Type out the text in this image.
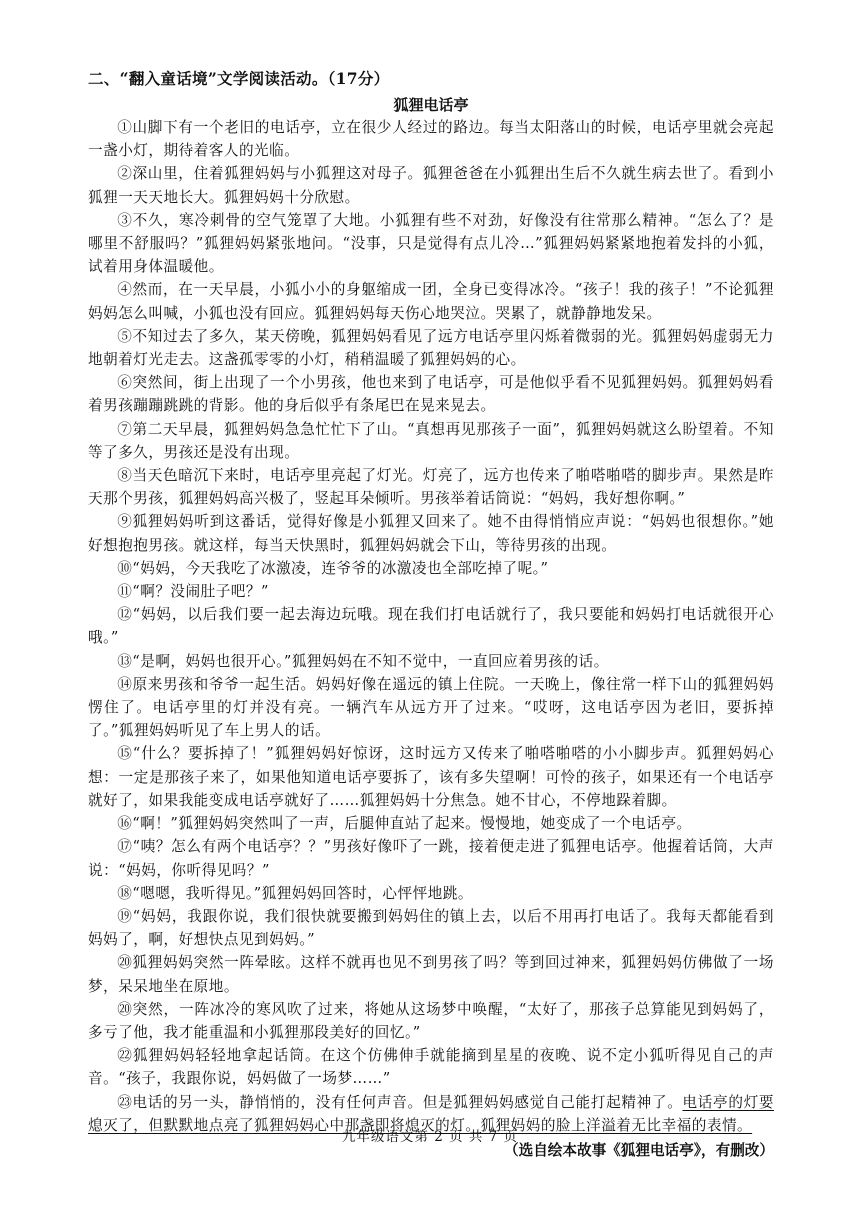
二、“翻入童话境”文学阅读活动。（17分）
狐狸电话亭

①山脚下有一个老旧的电话亭，立在很少人经过的路边。每当太阳落山的时候，电话亭里就会亮起一盏小灯，期待着客人的光临。

②深山里，住着狐狸妈妈与小狐狸这对母子。狐狸爸爸在小狐狸出生后不久就生病去世了。看到小狐狸一天天地长大。狐狸妈妈十分欣慰。

③不久，寒冷刺骨的空气笼罩了大地。小狐狸有些不对劲，好像没有往常那么精神。“怎么了？是哪里不舒服吗？”狐狸妈妈紧张地问。“没事，只是觉得有点儿冷…”狐狸妈妈紧紧地抱着发抖的小狐，试着用身体温暖他。

④然而，在一天早晨，小狐小小的身躯缩成一团，全身已变得冰冷。“孩子！我的孩子！”不论狐狸妈妈怎么叫喊，小狐也没有回应。狐狸妈妈每天伤心地哭泣。哭累了，就静静地发呆。

⑤不知过去了多久，某天傍晚，狐狸妈妈看见了远方电话亭里闪烁着微弱的光。狐狸妈妈虚弱无力地朝着灯光走去。这盏孤零零的小灯，稍稍温暖了狐狸妈妈的心。

⑥突然间，街上出现了一个小男孩，他也来到了电话亭，可是他似乎看不见狐狸妈妈。狐狸妈妈看着男孩蹦蹦跳跳的背影。他的身后似乎有条尾巴在晃来晃去。

⑦第二天早晨，狐狸妈妈急急忙忙下了山。“真想再见那孩子一面”，狐狸妈妈就这么盼望着。不知等了多久，男孩还是没有出现。

⑧当天色暗沉下来时，电话亭里亮起了灯光。灯亮了，远方也传来了啪嗒啪嗒的脚步声。果然是昨天那个男孩，狐狸妈妈高兴极了，竖起耳朵倾听。男孩举着话筒说：“妈妈，我好想你啊。”

⑨狐狸妈妈听到这番话，觉得好像是小狐狸又回来了。她不由得悄悄应声说：“妈妈也很想你。”她好想抱抱男孩。就这样，每当天快黑时，狐狸妈妈就会下山，等待男孩的出现。

⑩“妈妈，今天我吃了冰激凌，连爷爷的冰激凌也全部吃掉了呢。”

⑪“啊？没闹肚子吧？”

⑫“妈妈，以后我们要一起去海边玩哦。现在我们打电话就行了，我只要能和妈妈打电话就很开心哦。”

⑬“是啊，妈妈也很开心。”狐狸妈妈在不知不觉中，一直回应着男孩的话。

⑭原来男孩和爷爷一起生活。妈妈好像在遥远的镇上住院。一天晚上，像往常一样下山的狐狸妈妈愣住了。电话亭里的灯并没有亮。一辆汽车从远方开了过来。“哎呀，这电话亭因为老旧，要拆掉了。”狐狸妈妈听见了车上男人的话。

⑮“什么？要拆掉了！”狐狸妈妈好惊讶，这时远方又传来了啪嗒啪嗒的小小脚步声。狐狸妈妈心想：一定是那孩子来了，如果他知道电话亭要拆了，该有多失望啊！可怜的孩子，如果还有一个电话亭就好了，如果我能变成电话亭就好了……狐狸妈妈十分焦急。她不甘心，不停地跺着脚。

⑯“啊！”狐狸妈妈突然叫了一声，后腿伸直站了起来。慢慢地，她变成了一个电话亭。

⑰“咦？怎么有两个电话亭？？”男孩好像吓了一跳，接着便走进了狐狸电话亭。他握着话筒，大声说：“妈妈，你听得见吗？”

⑱“嗯嗯，我听得见。”狐狸妈妈回答时，心怦怦地跳。

⑲“妈妈，我跟你说，我们很快就要搬到妈妈住的镇上去，以后不用再打电话了。我每天都能看到妈妈了，啊，好想快点见到妈妈。”

⑳狐狸妈妈突然一阵晕眩。这样不就再也见不到男孩了吗？等到回过神来，狐狸妈妈仿佛做了一场梦，呆呆地坐在原地。

⑳突然，一阵冰冷的寒风吹了过来，将她从这场梦中唤醒，“太好了，那孩子总算能见到妈妈了，多亏了他，我才能重温和小狐狸那段美好的回忆。”

㉒狐狸妈妈轻轻地拿起话筒。在这个仿佛伸手就能摘到星星的夜晚、说不定小狐听得见自己的声音。“孩子，我跟你说，妈妈做了一场梦……”

㉓电话的另一头，静悄悄的，没有任何声音。但是狐狸妈妈感觉自己能打起精神了。电话亭的灯要熄灭了，但默默地点亮了狐狸妈妈心中那盏即将熄灭的灯。狐狸妈妈的脸上洋溢着无比幸福的表情。

（选自绘本故事《狐狸电话亭》，有删改）
九年级语文第 2 页 共 7 页
